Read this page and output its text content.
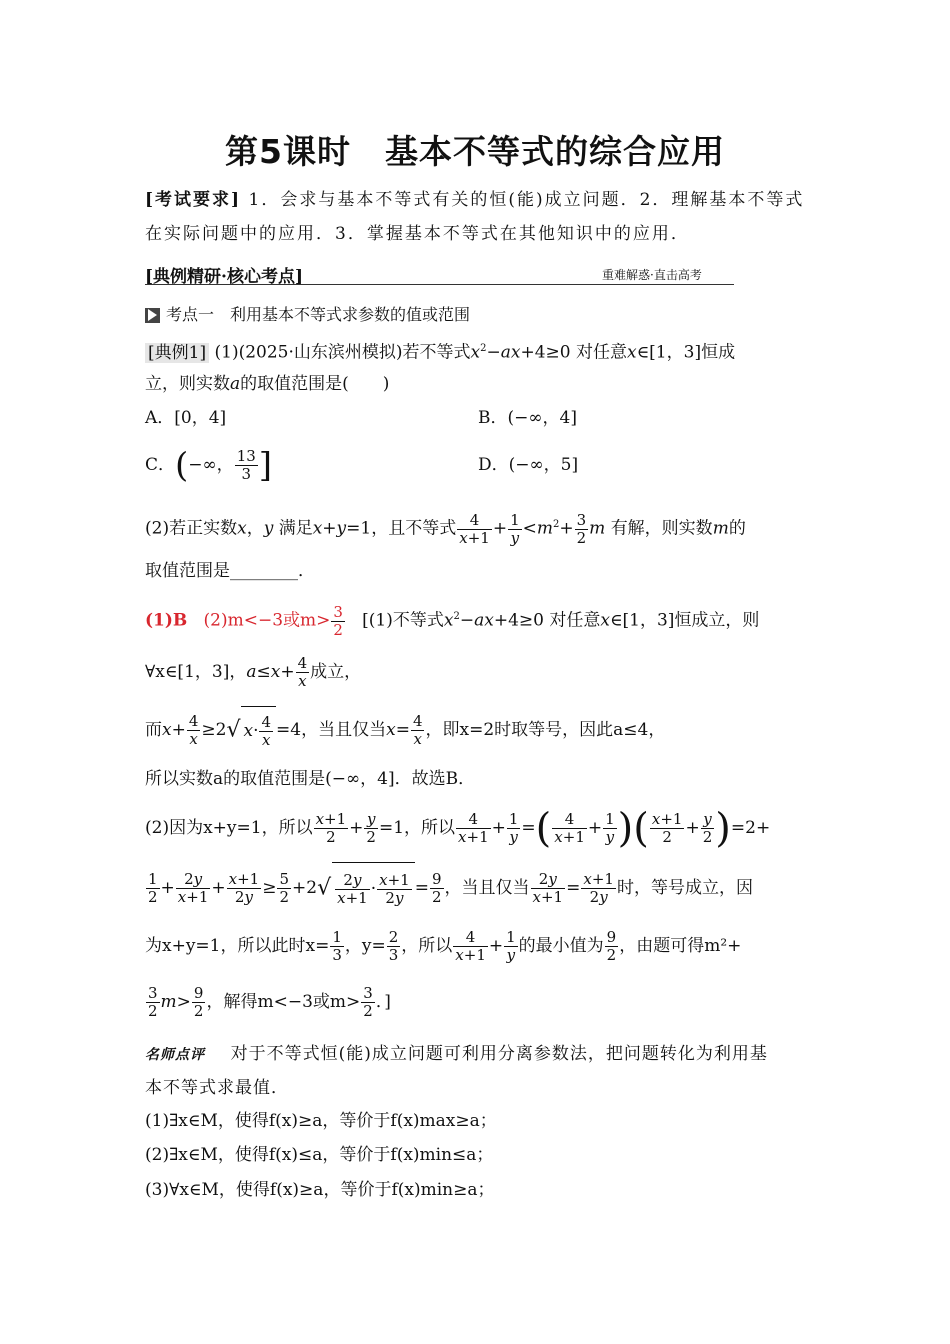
第5课时　基本不等式的综合应用
[考试要求] 1．会求与基本不等式有关的恒(能)成立问题．2．理解基本不等式
在实际问题中的应用．3．掌握基本不等式在其他知识中的应用．
[典例精研·核心考点]	重难解惑·直击高考
考点一　利用基本不等式求参数的值或范围
[典例1] (1)(2025·山东滨州模拟)若不等式$x^2-ax+4\ge 0$ 对任意x∈[1，3]恒成
立，则实数a的取值范围是(　　)
A．[0，4]	B．(−∞，4]
C．(−∞， $\frac{13}{3}$ ]	D．(−∞，5]
(2)若正实数x，y 满足x+y=1，且不等式 $\frac{4}{x+1} + \frac{1}{y} <m^2+ \frac{3}{2}$ m 有解，则实数m的
取值范围是________．
(1)B (2)m<−3或$m> \frac{3}{2} [(1)$不等式$x^2-ax+4\ge 0$ 对任意x∈[1，3]恒成立，则
∀x∈[1，3]，$a\le x+ \frac{4}{x}$ 成立，
而$x+ \frac{4}{x} \ge 2√$ $x\cdot \frac{4}{x} =4$，当且仅当$x= \frac{4}{x}$ ，即x=2时取等号，因此a≤4，
所以实数a的取值范围是(−∞，4]．故选B．
(2)因为x+y=1，所以 $\frac{x+1}{2} + \frac{y}{2} =1$，所以 $\frac{4}{x+1} + \frac{1}{y}$ =( $\frac{4}{x+1} + \frac{1}{y}$ )( $\frac{x+1}{2} + \frac{y}{2} )=2+$
$\frac{1}{2} + \frac{2y}{x+1} + \frac{x+1}{2y} \ge \frac{5}{2} +2√ \frac{2y}{x+1} \cdot \frac{x+1}{2y} = \frac{9}{2}$ ，当且仅当 $\frac{2y}{x+1} = \frac{x+1}{2y}$ 时，等号成立，因
为x+y=1，所以此时$x= \frac{1}{3}$ ，$y= \frac{2}{3}$ ，所以 $\frac{4}{x+1} + \frac{1}{y}$ 的最小值为 $\frac{9}{2}$ ，由题可得m²+
$\frac{3}{2} m> \frac{9}{2}$ ，解得m<−3或$m> \frac{3}{2}$ ．]
名师点评 对于不等式恒(能)成立问题可利用分离参数法，把问题转化为利用基
本不等式求最值．
(1)∃x∈M，使得f(x)≥a，等价于f(x)max≥a；
(2)∃x∈M，使得f(x)≤a，等价于f(x)min≤a；
(3)∀x∈M，使得f(x)≥a，等价于f(x)min≥a；
